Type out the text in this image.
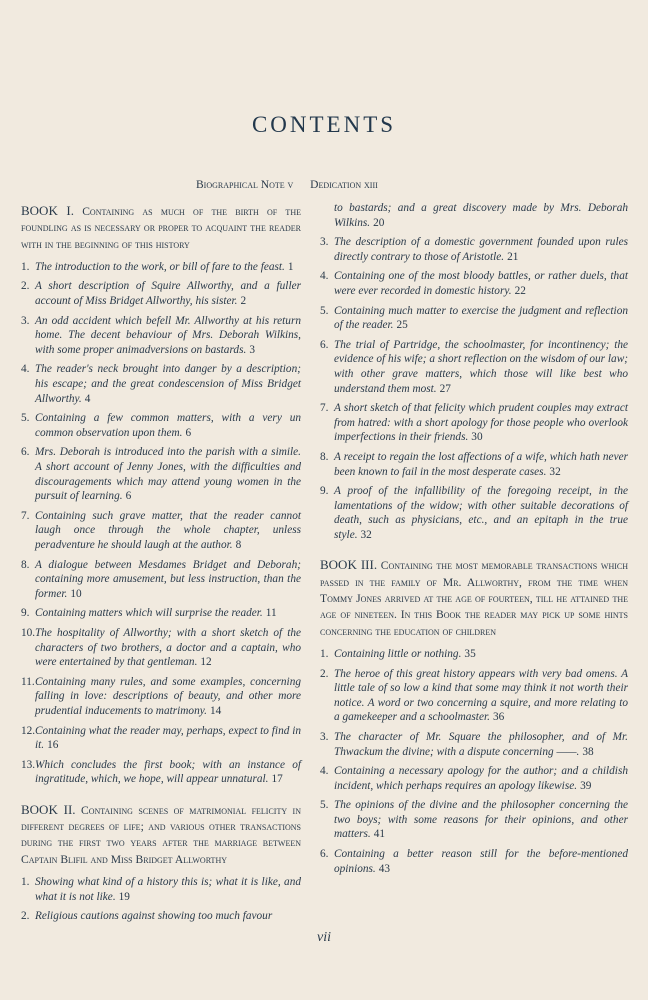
CONTENTS
Biographical Note v Dedication xiii

BOOK I. Containing as much of the birth of the foundling as is necessary or proper to acquaint the reader with in the beginning of this history

1. The introduction to the work, or bill of fare to the feast. 1

2. A short description of Squire Allworthy, and a fuller account of Miss Bridget Allworthy, his sister. 2

3. An odd accident which befell Mr. Allworthy at his return home. The decent behaviour of Mrs. Deborah Wilkins, with some proper animadversions on bastards. 3

4. The reader's neck brought into danger by a description; his escape; and the great condescension of Miss Bridget Allworthy. 4

5. Containing a few common matters, with a very un common observation upon them. 6

6. Mrs. Deborah is introduced into the parish with a simile. A short account of Jenny Jones, with the difficulties and discouragements which may attend young women in the pursuit of learning. 6

7. Containing such grave matter, that the reader cannot laugh once through the whole chapter, unless peradventure he should laugh at the author. 8

8. A dialogue between Mesdames Bridget and Deborah; containing more amusement, but less instruction, than the former. 10

9. Containing matters which will surprise the reader. 11

10. The hospitality of Allworthy; with a short sketch of the characters of two brothers, a doctor and a captain, who were entertained by that gentleman. 12

11. Containing many rules, and some examples, concerning falling in love: descriptions of beauty, and other more prudential inducements to matrimony. 14

12. Containing what the reader may, perhaps, expect to find in it. 16

13. Which concludes the first book; with an instance of ingratitude, which, we hope, will appear unnatural. 17

BOOK II. Containing scenes of matrimonial felicity in different degrees of life; and various other transactions during the first two years after the marriage between Captain Blifil and Miss Bridget Allworthy

1. Showing what kind of a history this is; what it is like, and what it is not like. 19

2. Religious cautions against showing too much favour

to bastards; and a great discovery made by Mrs. Deborah Wilkins. 20

3. The description of a domestic government founded upon rules directly contrary to those of Aristotle. 21

4. Containing one of the most bloody battles, or rather duels, that were ever recorded in domestic history. 22

5. Containing much matter to exercise the judgment and reflection of the reader. 25

6. The trial of Partridge, the schoolmaster, for incontinency; the evidence of his wife; a short reflection on the wisdom of our law; with other grave matters, which those will like best who understand them most. 27

7. A short sketch of that felicity which prudent couples may extract from hatred: with a short apology for those people who overlook imperfections in their friends. 30

8. A receipt to regain the lost affections of a wife, which hath never been known to fail in the most desperate cases. 32

9. A proof of the infallibility of the foregoing receipt, in the lamentations of the widow; with other suitable decorations of death, such as physicians, etc., and an epitaph in the true style. 32

BOOK III. Containing the most memorable transactions which passed in the family of Mr. Allworthy, from the time when Tommy Jones arrived at the age of fourteen, till he attained the age of nineteen. In this Book the reader may pick up some hints concerning the education of children

1. Containing little or nothing. 35

2. The heroe of this great history appears with very bad omens. A little tale of so low a kind that some may think it not worth their notice. A word or two concerning a squire, and more relating to a gamekeeper and a schoolmaster. 36

3. The character of Mr. Square the philosopher, and of Mr. Thwackum the divine; with a dispute concerning ——. 38

4. Containing a necessary apology for the author; and a childish incident, which perhaps requires an apology likewise. 39

5. The opinions of the divine and the philosopher concerning the two boys; with some reasons for their opinions, and other matters. 41

6. Containing a better reason still for the before-mentioned opinions. 43

vii
